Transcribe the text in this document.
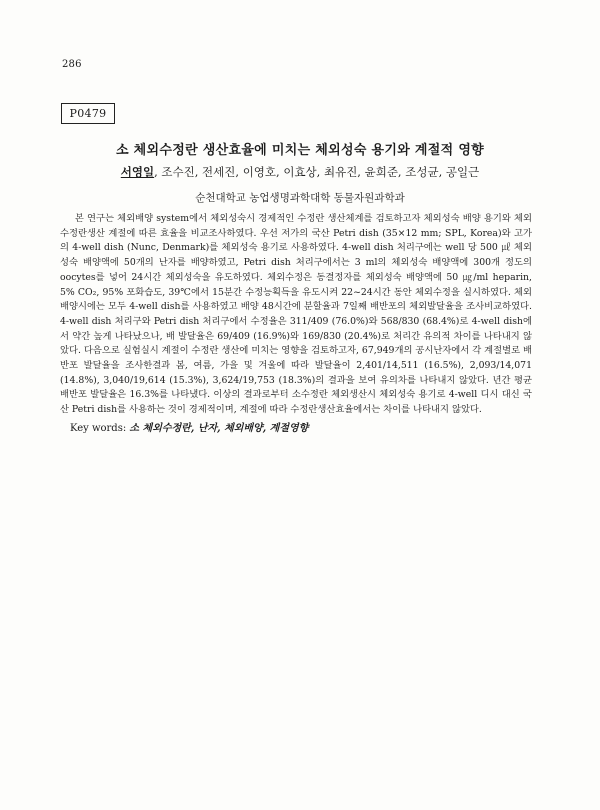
286
P0479
소 체외수정란 생산효율에 미치는 체외성숙 용기와 계절적 영향
서영일, 조수진, 전세진, 이영호, 이효상, 최유진, 윤희준, 조성균, 공일근
순천대학교 농업생명과학대학 동물자원과학과

본 연구는 체외배양 system에서 체외성숙시 경제적인 수정란 생산체계를 검토하고자 체외성숙 배양 용기와 체외수정란생산 계절에 따른 효율을 비교조사하였다. 우선 저가의 국산 Petri dish (35×12 mm; SPL, Korea)와 고가의 4-well dish (Nunc, Denmark)를 체외성숙 용기로 사용하였다. 4-well dish 처리구에는 well 당 500 ㎕ 체외성숙 배양액에 50개의 난자를 배양하였고, Petri dish 처리구에서는 3 ml의 체외성숙 배양액에 300개 정도의 oocytes를 넣어 24시간 체외성숙을 유도하였다. 체외수정은 동결정자를 체외성숙 배양액에 50 ㎍/ml heparin, 5% CO₂, 95% 포화습도, 39℃에서 15분간 수정능획득을 유도시켜 22~24시간 동안 체외수정을 실시하였다. 체외배양시에는 모두 4-well dish를 사용하였고 배양 48시간에 분할율과 7일째 배반포의 체외발달율을 조사비교하였다. 4-well dish 처리구와 Petri dish 처리구에서 수정율은 311/409 (76.0%)와 568/830 (68.4%)로 4-well dish에서 약간 높게 나타났으나, 배 발달율은 69/409 (16.9%)와 169/830 (20.4%)로 처리간 유의적 차이를 나타내지 않았다. 다음으로 실험실시 계절이 수정란 생산에 미치는 영향을 검토하고자, 67,949개의 공시난자에서 각 계절별로 배반포 발달율을 조사한결과 봄, 여름, 가을 및 겨울에 따라 발달율이 2,401/14,511 (16.5%), 2,093/14,071 (14.8%), 3,040/19,614 (15.3%), 3,624/19,753 (18.3%)의 결과을 보여 유의차를 나타내지 않았다. 년간 평균 배반포 발달율은 16.3%를 나타냈다. 이상의 결과로부터 소수정란 체외생산시 체외성숙 용기로 4-well 디시 대신 국산 Petri dish를 사용하는 것이 경제적이며, 계절에 따라 수정란생산효율에서는 차이를 나타내지 않았다.

Key words: 소 체외수정란, 난자, 체외배양, 계절영향
